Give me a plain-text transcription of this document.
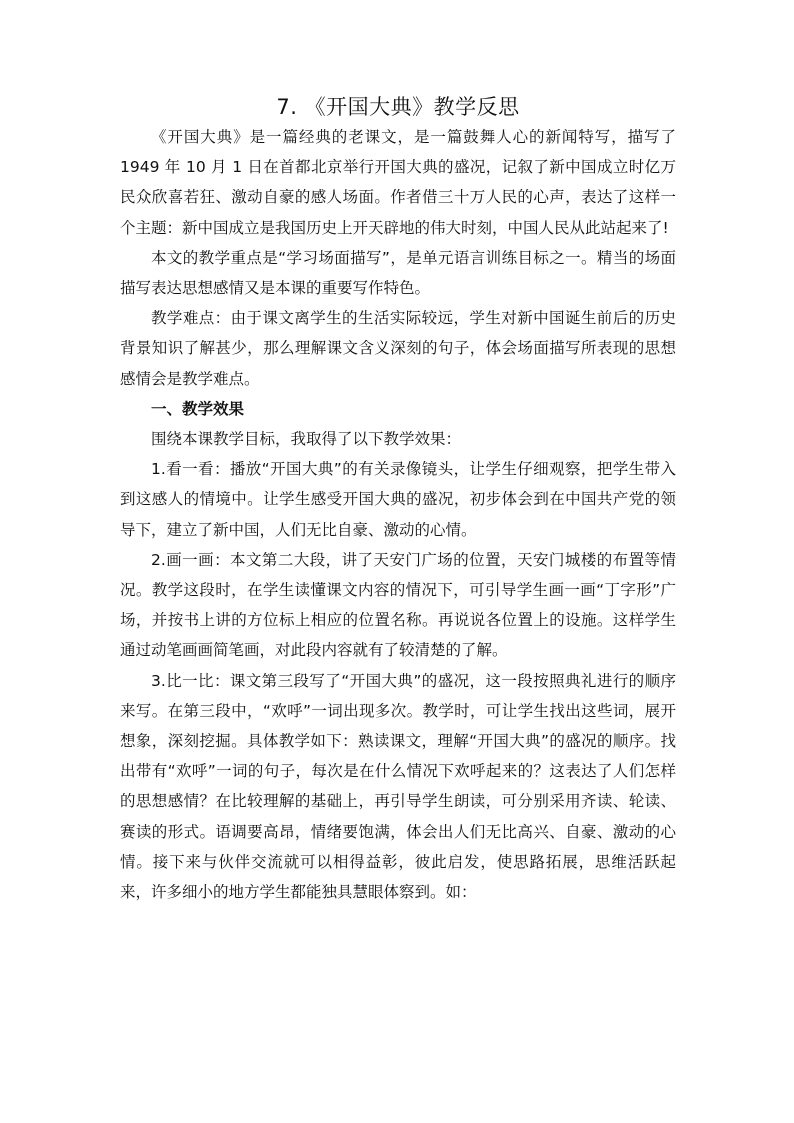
7. 《开国大典》教学反思

《开国大典》是一篇经典的老课文，是一篇鼓舞人心的新闻特写，描写了 1949 年 10 月 1 日在首都北京举行开国大典的盛况，记叙了新中国成立时亿万民众欣喜若狂、激动自豪的感人场面。作者借三十万人民的心声，表达了这样一个主题：新中国成立是我国历史上开天辟地的伟大时刻，中国人民从此站起来了!

本文的教学重点是“学习场面描写”，是单元语言训练目标之一。精当的场面描写表达思想感情又是本课的重要写作特色。

教学难点：由于课文离学生的生活实际较远，学生对新中国诞生前后的历史背景知识了解甚少，那么理解课文含义深刻的句子，体会场面描写所表现的思想感情会是教学难点。

一、教学效果

围绕本课教学目标，我取得了以下教学效果：

1.看一看：播放“开国大典”的有关录像镜头，让学生仔细观察，把学生带入到这感人的情境中。让学生感受开国大典的盛况，初步体会到在中国共产党的领导下，建立了新中国，人们无比自豪、激动的心情。

2.画一画：本文第二大段，讲了天安门广场的位置，天安门城楼的布置等情况。教学这段时，在学生读懂课文内容的情况下，可引导学生画一画“丁字形”广场，并按书上讲的方位标上相应的位置名称。再说说各位置上的设施。这样学生通过动笔画画简笔画，对此段内容就有了较清楚的了解。

3.比一比：课文第三段写了“开国大典”的盛况，这一段按照典礼进行的顺序来写。在第三段中，“欢呼”一词出现多次。教学时，可让学生找出这些词，展开想象，深刻挖掘。具体教学如下：熟读课文，理解“开国大典”的盛况的顺序。找出带有“欢呼”一词的句子，每次是在什么情况下欢呼起来的？这表达了人们怎样的思想感情？在比较理解的基础上，再引导学生朗读，可分别采用齐读、轮读、赛读的形式。语调要高昂，情绪要饱满，体会出人们无比高兴、自豪、激动的心情。接下来与伙伴交流就可以相得益彰，彼此启发，使思路拓展，思维活跃起来，许多细小的地方学生都能独具慧眼体察到。如：
